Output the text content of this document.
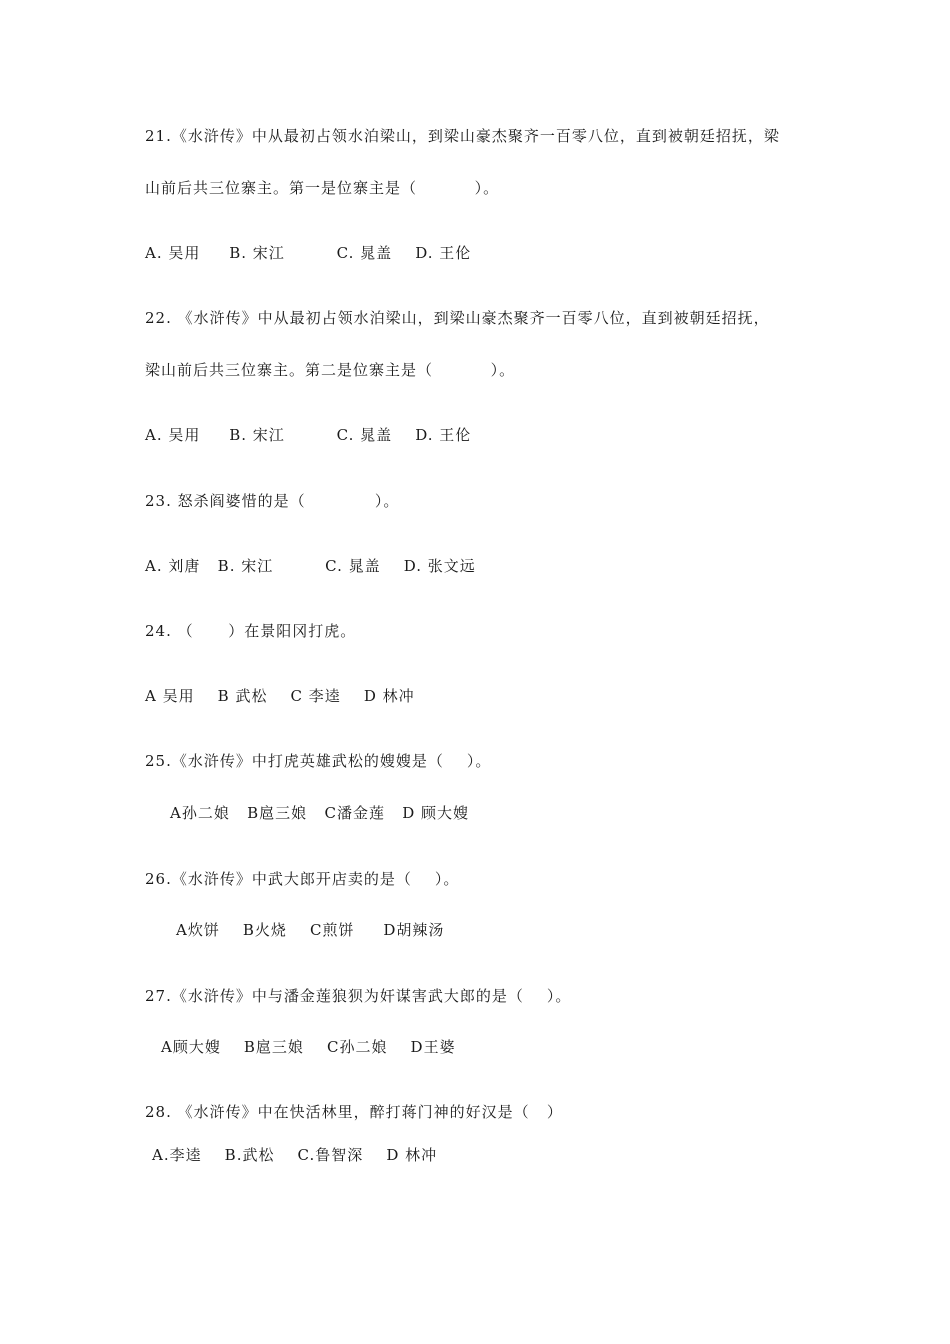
21.《水浒传》中从最初占领水泊梁山，到梁山豪杰聚齐一百零八位，直到被朝廷招抚，梁
山前后共三位寨主。第一是位寨主是（          ）。
A. 吴用     B. 宋江         C. 晁盖    D. 王伦
22. 《水浒传》中从最初占领水泊梁山，到梁山豪杰聚齐一百零八位，直到被朝廷招抚，
梁山前后共三位寨主。第二是位寨主是（          ）。
A. 吴用     B. 宋江         C. 晁盖    D. 王伦
23. 怒杀阎婆惜的是（            ）。
A. 刘唐   B. 宋江         C. 晁盖    D. 张文远
24. （      ）在景阳冈打虎。
A 吴用    B 武松    C 李逵    D 林冲
25.《水浒传》中打虎英雄武松的嫂嫂是（    ）。
A孙二娘   B扈三娘   C潘金莲   D 顾大嫂
26.《水浒传》中武大郎开店卖的是（    ）。
A炊饼    B火烧    C煎饼     D胡辣汤
27.《水浒传》中与潘金莲狼狈为奸谋害武大郎的是（    ）。
A顾大嫂    B扈三娘    C孙二娘    D王婆
28. 《水浒传》中在快活林里，醉打蒋门神的好汉是（   ）
A.李逵    B.武松    C.鲁智深    D 林冲
